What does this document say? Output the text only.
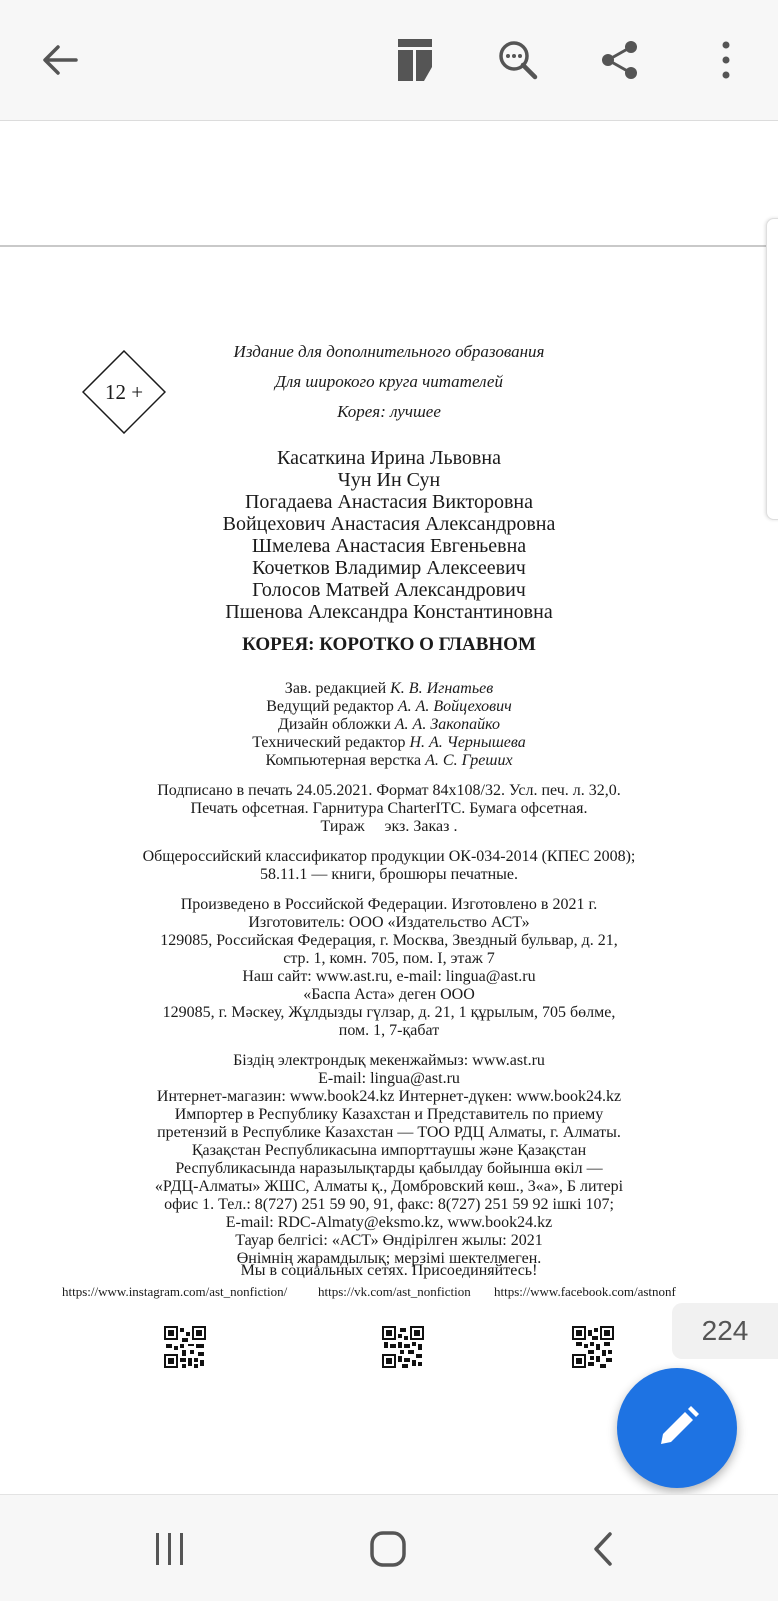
12 +
Издание для дополнительного образования
Для широкого круга читателей
Корея: лучшее
Касаткина Ирина Львовна
Чун Ин Сун
Погадаева Анастасия Викторовна
Войцехович Анастасия Александровна
Шмелева Анастасия Евгеньевна
Кочетков Владимир Алексеевич
Голосов Матвей Александрович
Пшенова Александра Константиновна
КОРЕЯ: КОРОТКО О ГЛАВНОМ
Зав. редакцией К. В. Игнатьев
Ведущий редактор А. А. Войцехович
Дизайн обложки А. А. Закопайко
Технический редактор Н. А. Чернышева
Компьютерная верстка А. С. Греших
Подписано в печать 24.05.2021. Формат 84x108/32. Усл. печ. л. 32,0.
Печать офсетная. Гарнитура CharterITC. Бумага офсетная.
Тираж     экз. Заказ .
Общероссийский классификатор продукции ОК-034-2014 (КПЕС 2008);
58.11.1 — книги, брошюры печатные.
Произведено в Российской Федерации. Изготовлено в 2021 г.
Изготовитель: ООО «Издательство АСТ»
129085, Российская Федерация, г. Москва, Звездный бульвар, д. 21,
стр. 1, комн. 705, пом. I, этаж 7
Наш сайт: www.ast.ru, e-mail: lingua@ast.ru
«Баспа Аста» деген ООО
129085, г. Мәскеу, Жұлдызды гүлзар, д. 21, 1 құрылым, 705 бөлме,
пом. 1, 7-қабат
Біздің электрондық мекенжаймыз: www.ast.ru
E-mail: lingua@ast.ru
Интернет-магазин: www.book24.kz Интернет-дүкен: www.book24.kz
Импортер в Республику Казахстан и Представитель по приему
претензий в Республике Казахстан — ТОО РДЦ Алматы, г. Алматы.
Қазақстан Республикасына импорттаушы және Қазақстан
Республикасында наразылықтарды қабылдау бойынша өкіл —
«РДЦ-Алматы» ЖШС, Алматы қ., Домбровский көш., 3«а», Б литері
офис 1. Тел.: 8(727) 251 59 90, 91, факс: 8(727) 251 59 92 ішкі 107;
E-mail: RDC-Almaty@eksmo.kz, www.book24.kz
Тауар белгісі: «АСТ» Өндірілген жылы: 2021
Өнімнің жарамдылық; мерзімі шектелмеген.
Мы в социальных сетях. Присоединяйтесь!
https://www.instagram.com/ast_nonfiction/ https://vk.com/ast_nonfiction https://www.facebook.com/astnonf
224
